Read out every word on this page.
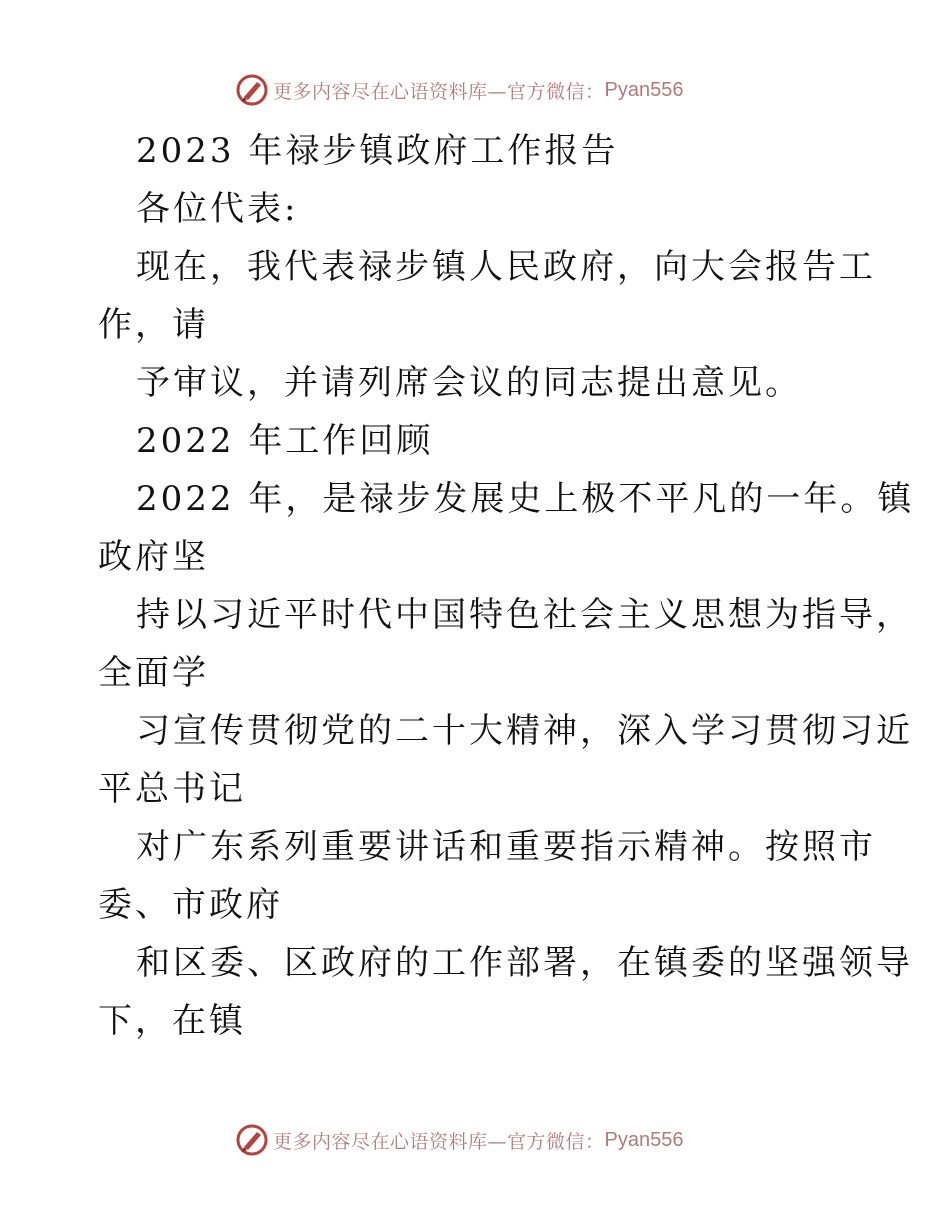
更多内容尽在心语资料库—官方微信： Pyan556
2023 年禄步镇政府工作报告
各位代表:
现在，我代表禄步镇人民政府，向大会报告工
作，请
予审议，并请列席会议的同志提出意见。
2022 年工作回顾
2022 年，是禄步发展史上极不平凡的一年。镇
政府坚
持以习近平时代中国特色社会主义思想为指导，
全面学
习宣传贯彻党的二十大精神，深入学习贯彻习近
平总书记
对广东系列重要讲话和重要指示精神。按照市
委、市政府
和区委、区政府的工作部署，在镇委的坚强领导
下，在镇
更多内容尽在心语资料库—官方微信： Pyan556
